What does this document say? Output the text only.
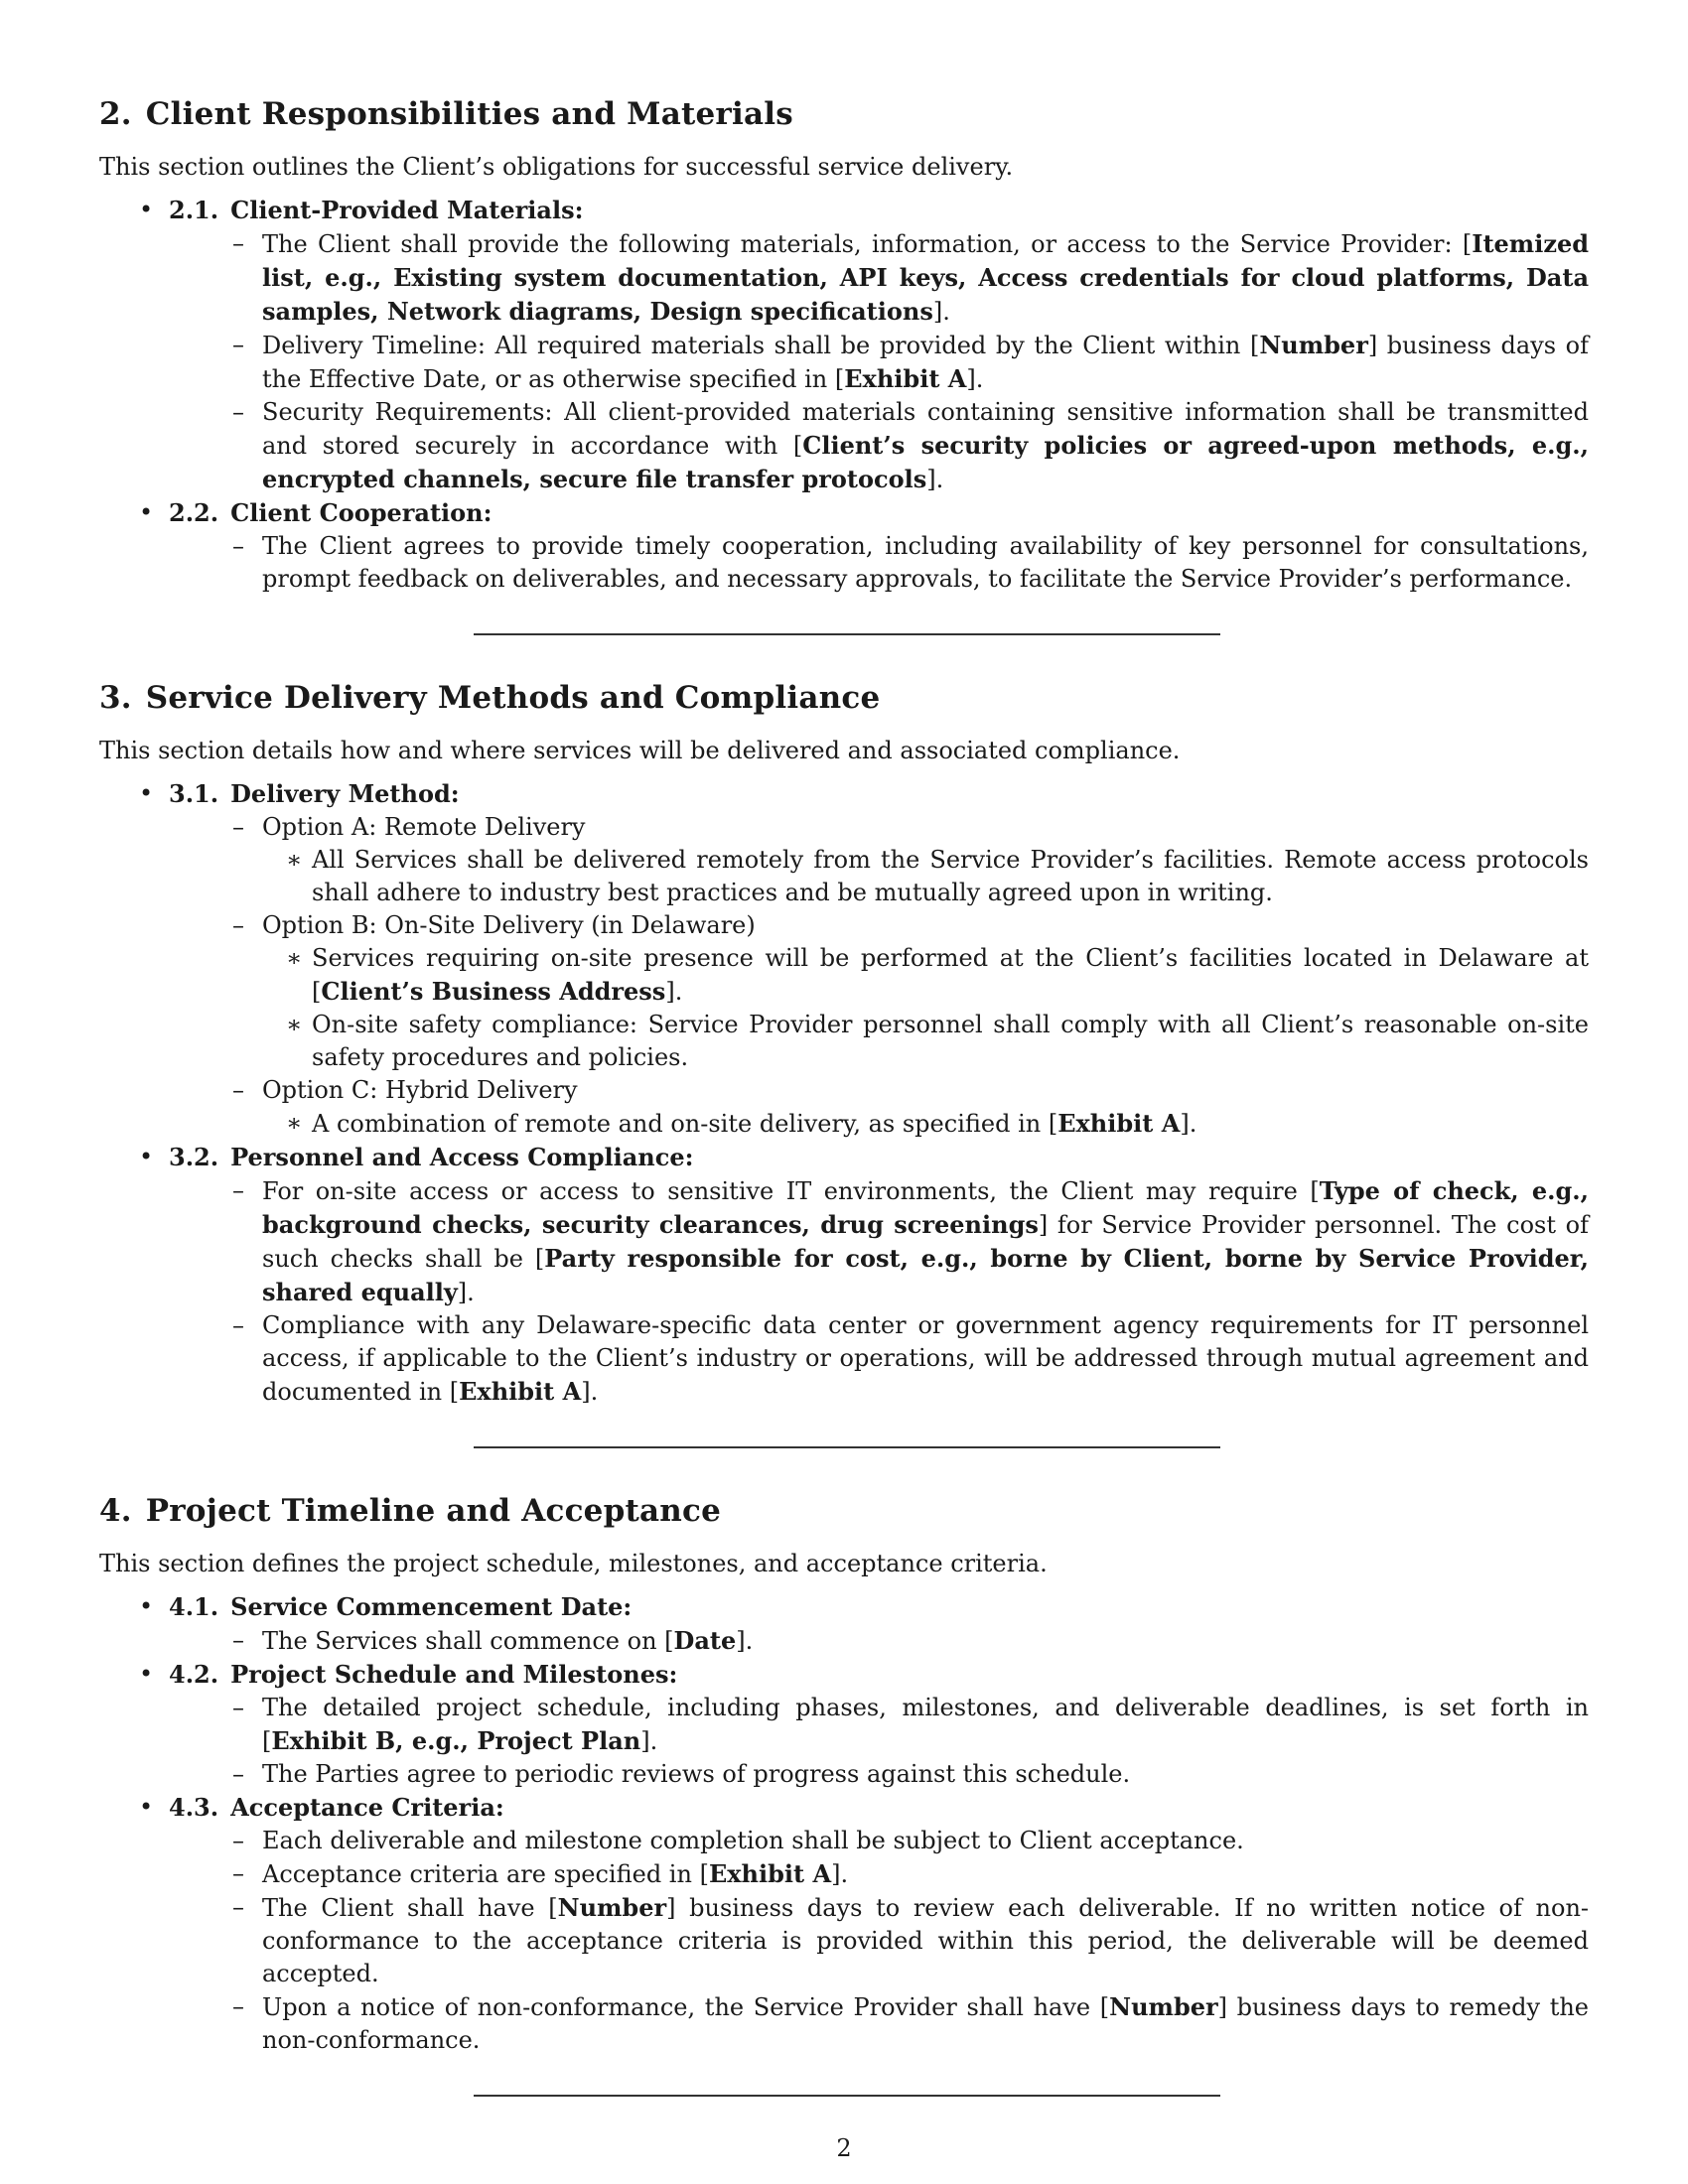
2. Client Responsibilities and Materials

This section outlines the Client’s obligations for successful service delivery.

• 2.1. Client-Provided Materials:
– The Client shall provide the following materials, information, or access to the Service Provider: [Itemized list, e.g., Existing system documentation, API keys, Access credentials for cloud platforms, Data samples, Network diagrams, Design specifications].
– Delivery Timeline: All required materials shall be provided by the Client within [Number] business days of the Effective Date, or as otherwise specified in [Exhibit A].
– Security Requirements: All client-provided materials containing sensitive information shall be transmitted and stored securely in accordance with [Client’s security policies or agreed-upon methods, e.g., encrypted channels, secure file transfer protocols].
• 2.2. Client Cooperation:
– The Client agrees to provide timely cooperation, including availability of key personnel for consultations, prompt feedback on deliverables, and necessary approvals, to facilitate the Service Provider’s performance.
3. Service Delivery Methods and Compliance

This section details how and where services will be delivered and associated compliance.

• 3.1. Delivery Method:
– Option A: Remote Delivery
∗ All Services shall be delivered remotely from the Service Provider’s facilities. Remote access protocols shall adhere to industry best practices and be mutually agreed upon in writing.
– Option B: On-Site Delivery (in Delaware)
∗ Services requiring on-site presence will be performed at the Client’s facilities located in Delaware at [Client’s Business Address].
∗ On-site safety compliance: Service Provider personnel shall comply with all Client’s reasonable on-site safety procedures and policies.
– Option C: Hybrid Delivery
∗ A combination of remote and on-site delivery, as specified in [Exhibit A].
• 3.2. Personnel and Access Compliance:
– For on-site access or access to sensitive IT environments, the Client may require [Type of check, e.g., background checks, security clearances, drug screenings] for Service Provider personnel. The cost of such checks shall be [Party responsible for cost, e.g., borne by Client, borne by Service Provider, shared equally].
– Compliance with any Delaware-specific data center or government agency requirements for IT personnel access, if applicable to the Client’s industry or operations, will be addressed through mutual agreement and documented in [Exhibit A].
4. Project Timeline and Acceptance

This section defines the project schedule, milestones, and acceptance criteria.

• 4.1. Service Commencement Date:
– The Services shall commence on [Date].
• 4.2. Project Schedule and Milestones:
– The detailed project schedule, including phases, milestones, and deliverable deadlines, is set forth in [Exhibit B, e.g., Project Plan].
– The Parties agree to periodic reviews of progress against this schedule.
• 4.3. Acceptance Criteria:
– Each deliverable and milestone completion shall be subject to Client acceptance.
– Acceptance criteria are specified in [Exhibit A].
– The Client shall have [Number] business days to review each deliverable. If no written notice of non-conformance to the acceptance criteria is provided within this period, the deliverable will be deemed accepted.
– Upon a notice of non-conformance, the Service Provider shall have [Number] business days to remedy the non-conformance.
2
